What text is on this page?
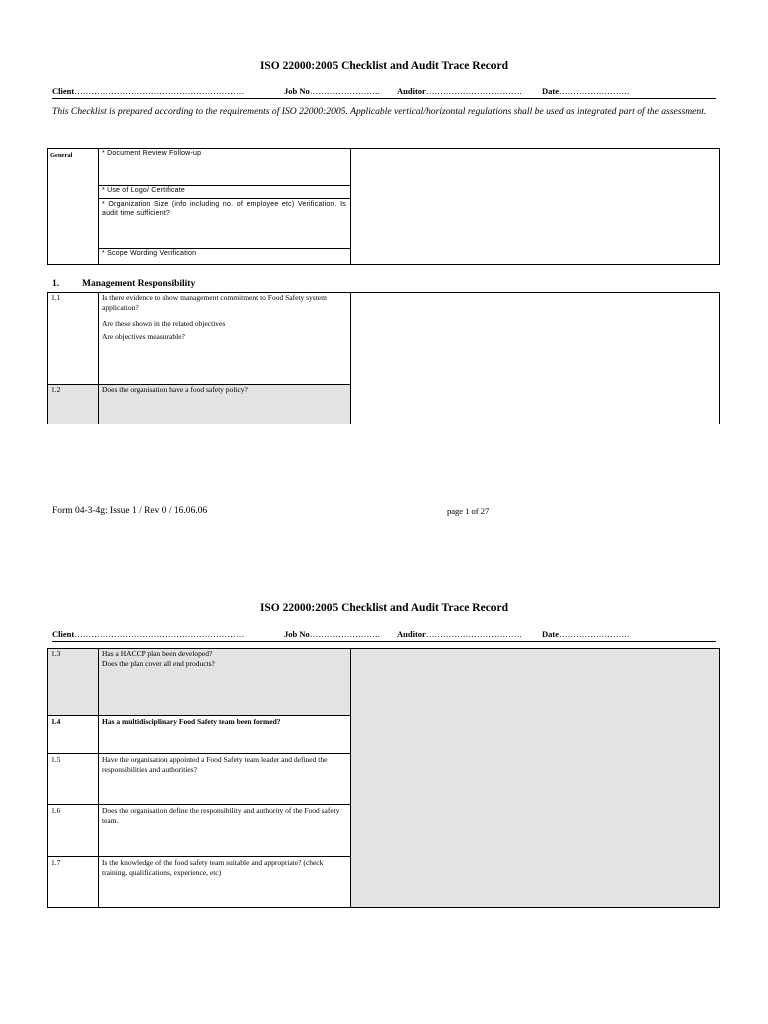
ISO 22000:2005 Checklist and Audit Trace Record
Client……………………………………………………	Job No……………………. Auditor……………………………. Date…………………….
This Checklist is prepared according to the requirements of ISO 22000:2005. Applicable vertical/horizontal regulations shall be used as integrated part of the assessment.
General	* Document Review Follow-up
* Use of Logo/ Certificate
* Organization Size (info including no. of employee etc) Verification. Is audit time sufficient?
* Scope Wording Verification
1. Management Responsibility
1.1	Is there evidence to show management commitment to Food Safety system application?

Are these shown in the related objectives

Are objectives measurable?

1.2	Does the organisation have a food safety policy?
Form 04-3-4g: Issue 1 / Rev 0 / 16.06.06	page 1 of 27
ISO 22000:2005 Checklist and Audit Trace Record
Client……………………………………………………	Job No……………………. Auditor……………………………. Date…………………….
1.3	Has a HACCP plan been developed?

Does the plan cover all end products?

1.4	Has a multidisciplinary Food Safety team been formed?
1.5	Have the organisation appointed a Food Safety team leader and defined the responsibilities and authorities?
1.6	Does the organisation define the responsibility and authority of the Food safety team.
1.7	Is the knowledge of the food safety team suitable and appropriate? (check training, qualifications, experience, etc)
